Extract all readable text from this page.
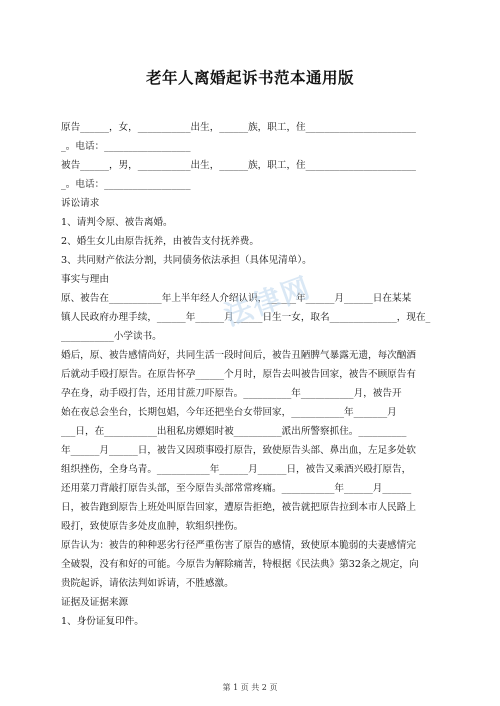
老年人离婚起诉书范本通用版
原告______，女，___________出生，______族，职工，住_______________________
_。电话：__________________
被告______，男，___________出生，______族，职工，住_______________________
_。电话：__________________
诉讼请求
1、请判令原、被告离婚。
2、婚生女儿由原告抚养，由被告支付抚养费。
3、共同财产依法分割，共同债务依法承担（具体见清单）。
事实与理由
原、被告在___________年上半年经人介绍认识，______年______月______日在某某
镇人民政府办理手续，______年______月______日生一女，取名______________，现在_
___________小学读书。
婚后，原、被告感情尚好，共同生活一段时间后，被告丑陋脾气暴露无遗，每次酗酒
后就动手殴打原告。在原告怀孕______个月时，原告去叫被告回家，被告不顾原告有
孕在身，动手殴打告，还用甘蔗刀吓原告。__________年___________月，被告开
始在夜总会坐台，长期包娼，今年还把坐台女带回家，___________年_______月
___日，在___________出租私房嫖娼时被__________派出所警察抓住。__________
年______月______日，被告又因琐事殴打原告，致使原告头部、鼻出血，左足多处软
组织挫伤，全身乌青。___________年______月______日，被告又乘酒兴殴打原告，
还用菜刀背敲打原告头部，至今原告头部常常疼痛。___________年______月______
日，被告跑到原告上班处叫原告回家，遭原告拒绝，被告就把原告拉到本市人民路上
殴打，致使原告多处皮血肿，软组织挫伤。
原告认为：被告的种种恶劣行径严重伤害了原告的感情，致使原本脆弱的夫妻感情完
全破裂，没有和好的可能。今原告为解除痛苦，特根据《民法典》第32条之规定，向
贵院起诉，请依法判如诉请，不胜感激。
证据及证据来源
1、身份证复印件。
法律网
第 1 页 共 2 页
